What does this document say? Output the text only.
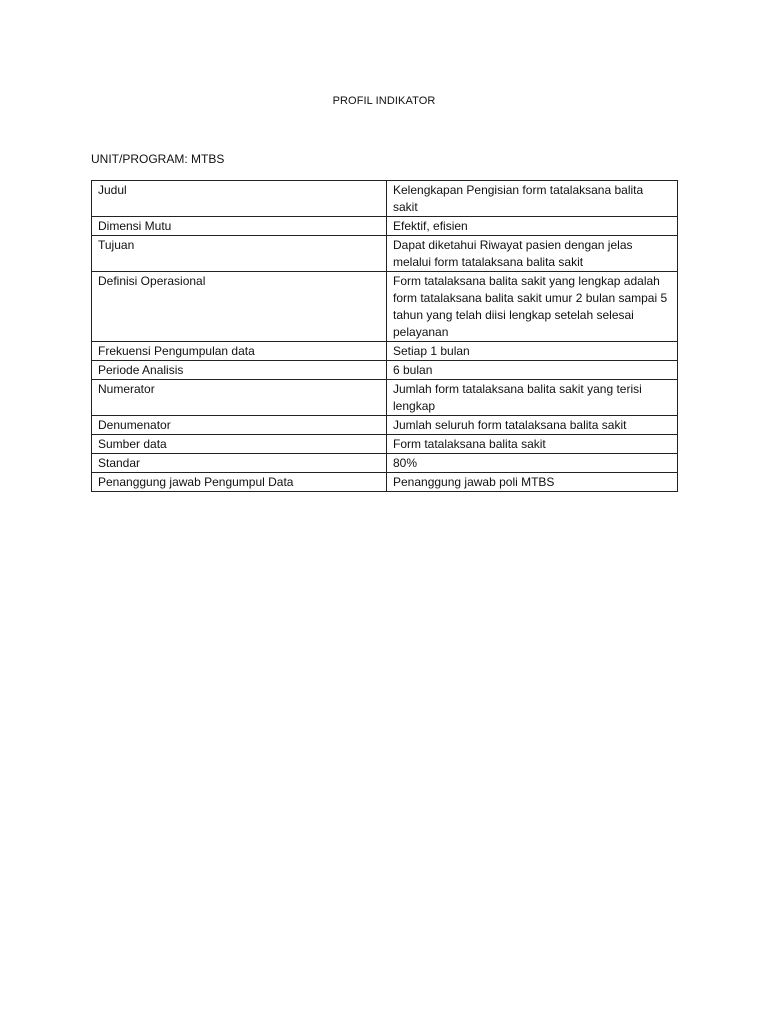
PROFIL INDIKATOR
UNIT/PROGRAM: MTBS
Judul	Kelengkapan Pengisian form tatalaksana balita sakit
Dimensi Mutu	Efektif, efisien
Tujuan	Dapat diketahui Riwayat pasien dengan jelas melalui form tatalaksana balita sakit
Definisi Operasional	Form tatalaksana balita sakit yang lengkap adalah form tatalaksana balita sakit umur 2 bulan sampai 5 tahun yang telah diisi lengkap setelah selesai pelayanan
Frekuensi Pengumpulan data	Setiap 1 bulan
Periode Analisis	6 bulan
Numerator	Jumlah form tatalaksana balita sakit yang terisi lengkap
Denumenator	Jumlah seluruh form tatalaksana balita sakit
Sumber data	Form tatalaksana balita sakit
Standar	80%
Penanggung jawab Pengumpul Data	Penanggung jawab poli MTBS
